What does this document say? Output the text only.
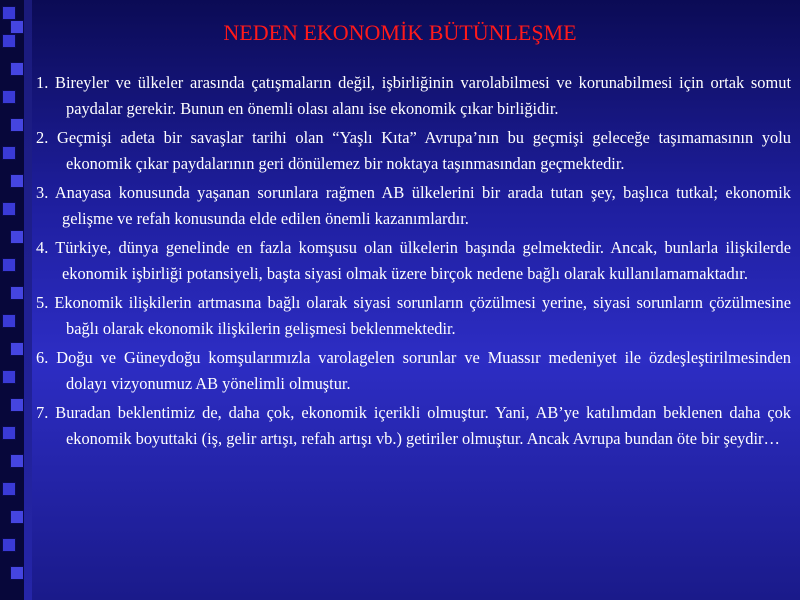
NEDEN EKONOMİK BÜTÜNLEŞME
1. Bireyler ve ülkeler arasında çatışmaların değil, işbirliğinin varolabilmesi ve korunabilmesi için ortak somut paydalar gerekir. Bunun en önemli olası alanı ise ekonomik çıkar birliğidir.
2. Geçmişi adeta bir savaşlar tarihi olan “Yaşlı Kıta” Avrupa’nın bu geçmişi geleceğe taşımamasının yolu ekonomik çıkar paydalarının geri dönülemez bir noktaya taşınmasından geçmektedir.
3. Anayasa konusunda yaşanan sorunlara rağmen AB ülkelerini bir arada tutan şey, başlıca tutkal; ekonomik gelişme ve refah konusunda elde edilen önemli kazanımlardır.
4. Türkiye, dünya genelinde en fazla komşusu olan ülkelerin başında gelmektedir. Ancak, bunlarla ilişkilerde ekonomik işbirliği potansiyeli, başta siyasi olmak üzere birçok nedene bağlı olarak kullanılamamaktadır.
5. Ekonomik ilişkilerin artmasına bağlı olarak siyasi sorunların çözülmesi yerine, siyasi sorunların çözülmesine bağlı olarak ekonomik ilişkilerin gelişmesi beklenmektedir.
6. Doğu ve Güneydoğu komşularımızla varolagelen sorunlar ve Muassır medeniyet ile özdeşleştirilmesinden dolayı vizyonumuz AB yönelimli olmuştur.
7. Buradan beklentimiz de, daha çok, ekonomik içerikli olmuştur. Yani, AB’ye katılımdan beklenen daha çok ekonomik boyuttaki (iş, gelir artışı, refah artışı vb.) getiriler olmuştur. Ancak Avrupa bundan öte bir şeydir…
